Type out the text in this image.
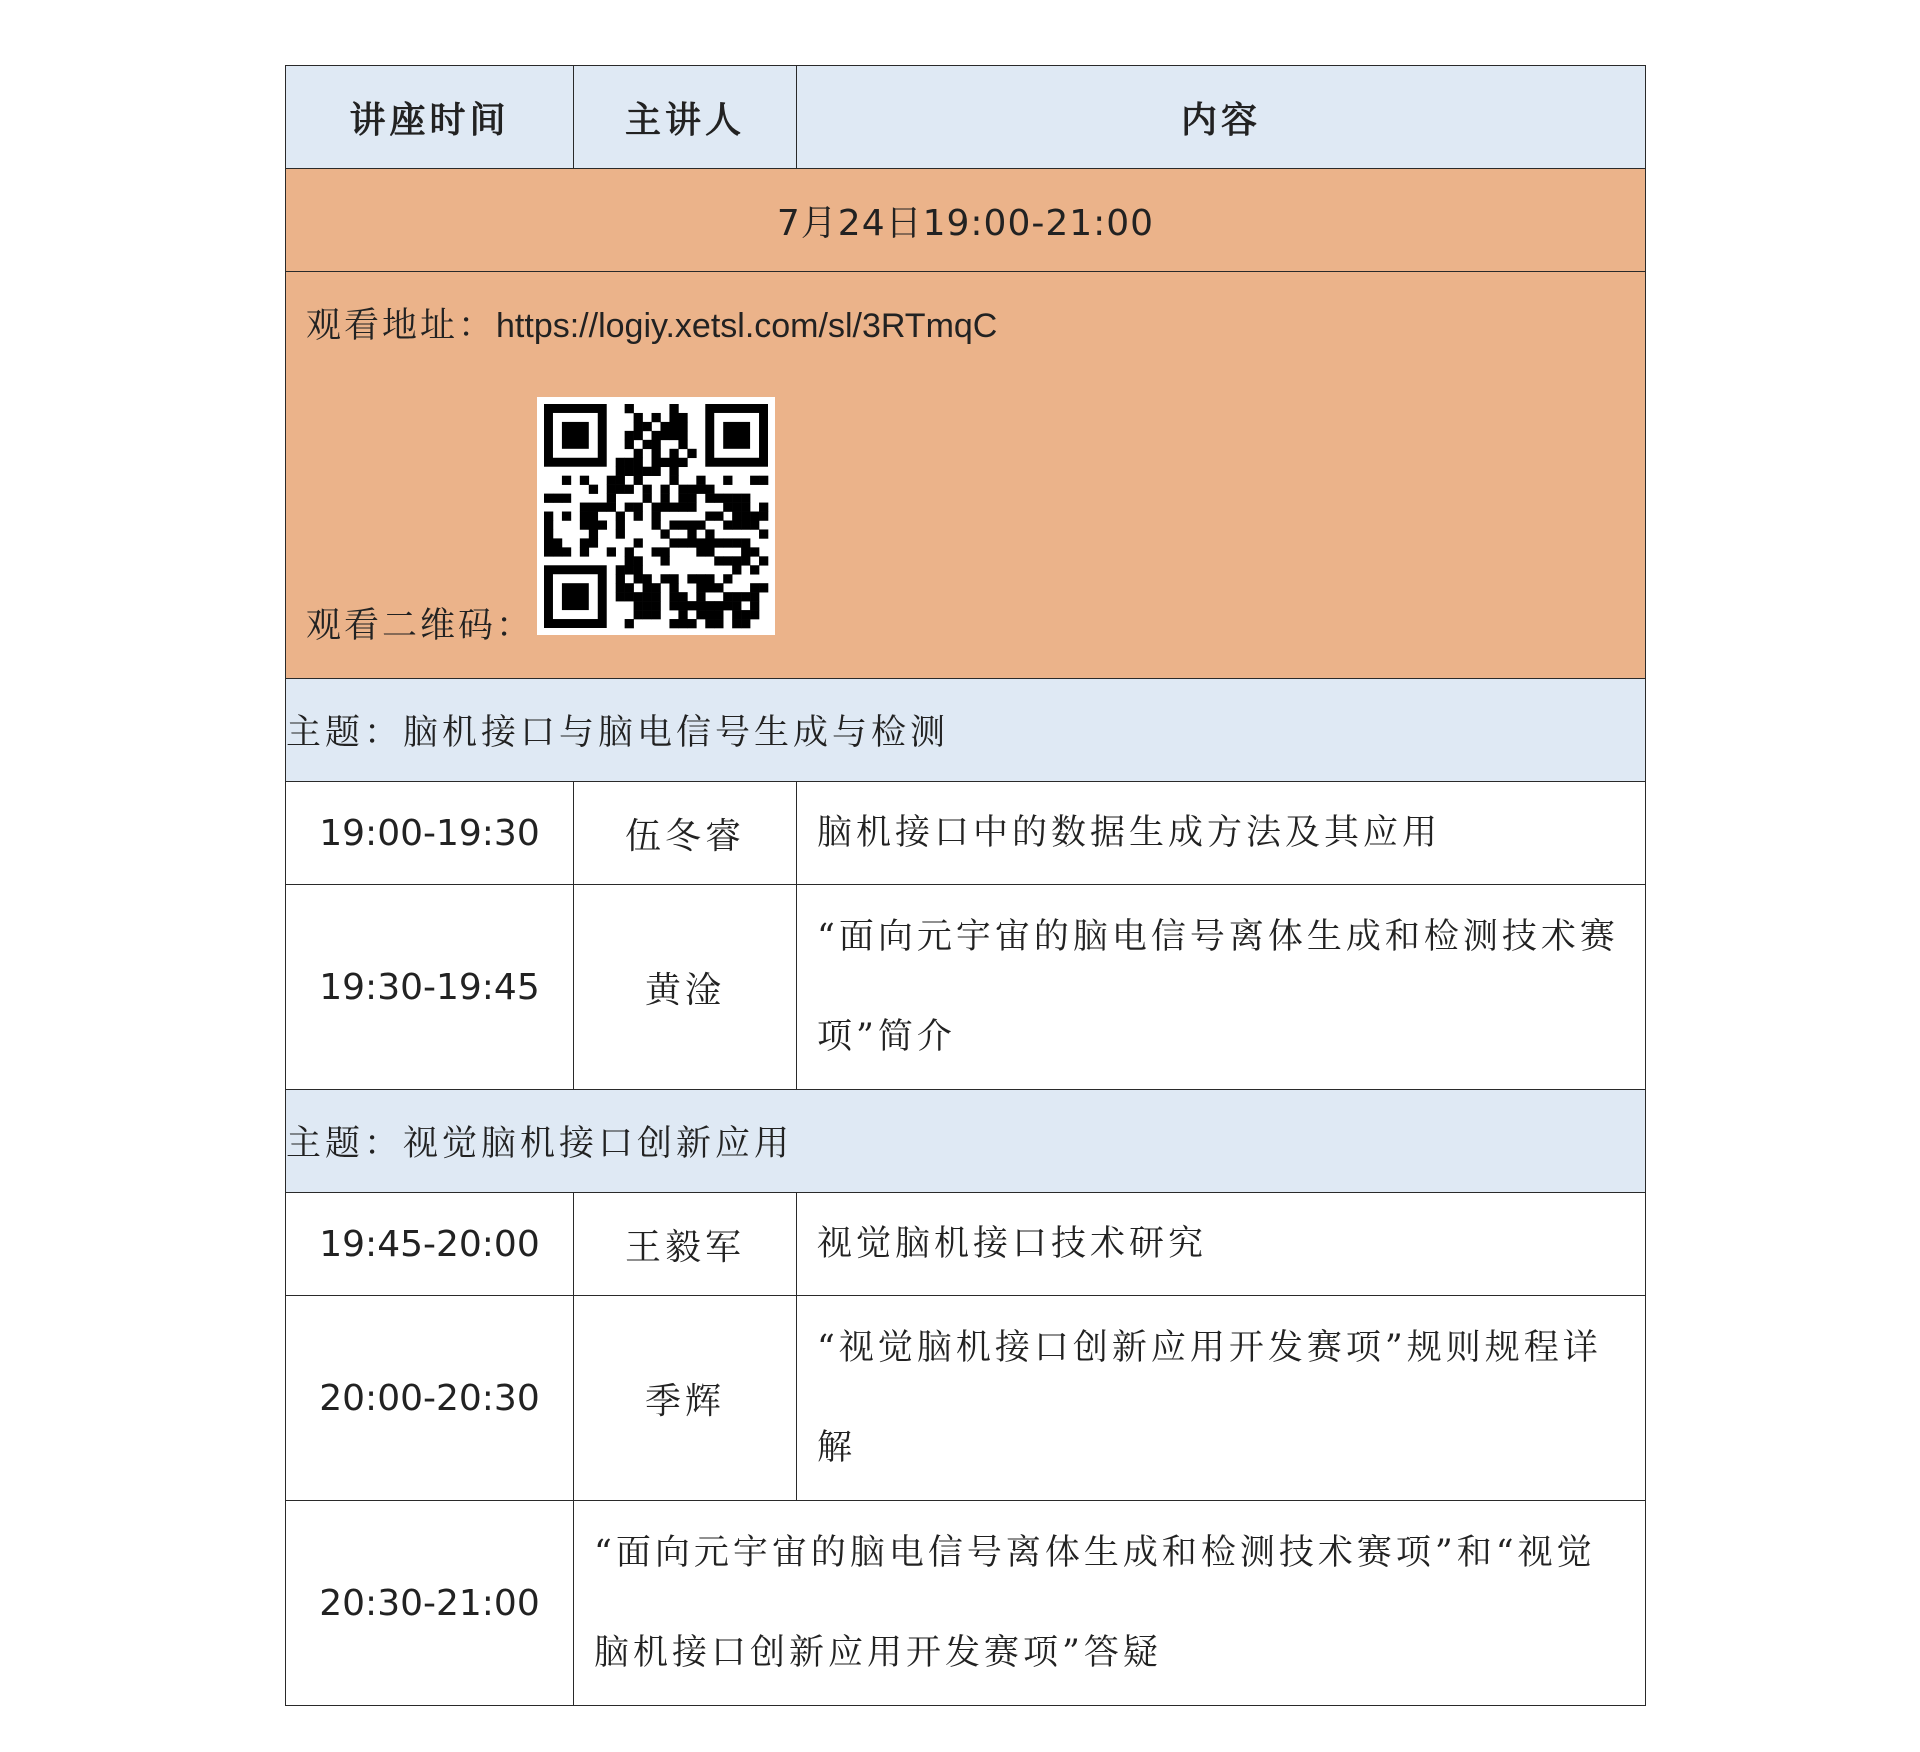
讲座时间	主讲人	内容
7月24日19:00-21:00		

观看地址：https://logiy.xetsl.com/sl/3RTmqC
观看二维码：		

主题：脑机接口与脑电信号生成与检测		
19:00-19:30	伍冬睿	脑机接口中的数据生成方法及其应用
19:30-19:45	黄淦	“面向元宇宙的脑电信号离体生成和检测技术赛项”简介
主题：视觉脑机接口创新应用		
19:45-20:00	王毅军	视觉脑机接口技术研究
20:00-20:30	季辉	“视觉脑机接口创新应用开发赛项”规则规程详解
20:30-21:00	“面向元宇宙的脑电信号离体生成和检测技术赛项”和“视觉脑机接口创新应用开发赛项”答疑	
